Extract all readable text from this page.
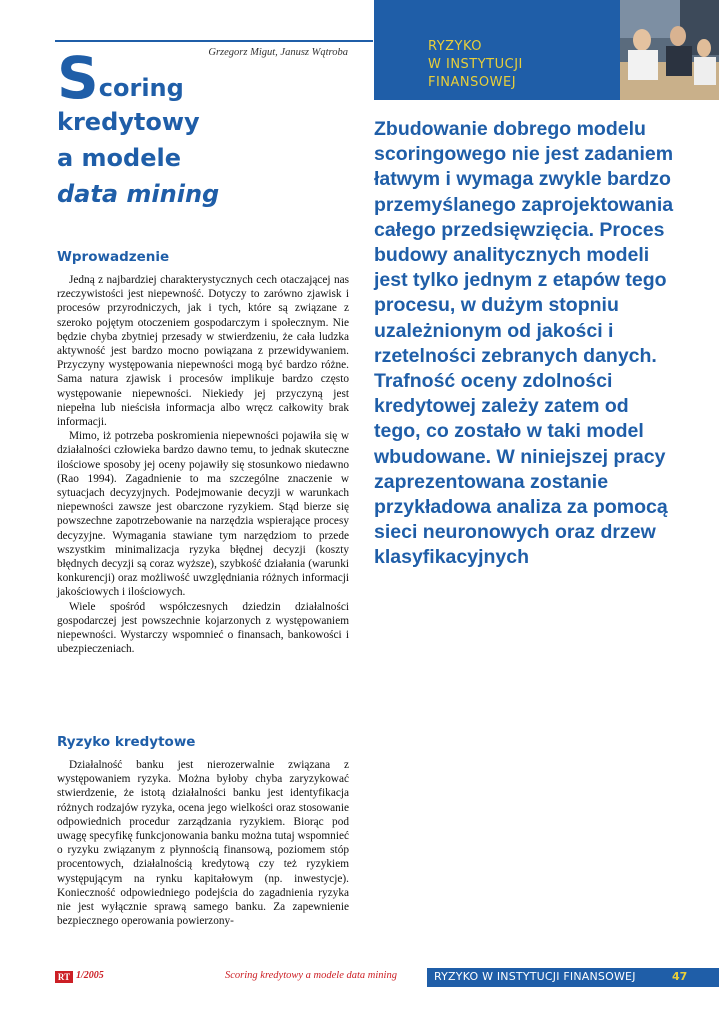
Grzegorz Migut, Janusz Wątroba
S coring
kredytowy
a modele
data mining
RYZYKO
W INSTYTUCJI
FINANSOWEJ
Zbudowanie dobrego modelu scoringowego nie jest zadaniem łatwym i wymaga zwykle bardzo przemyślanego zaprojektowania całego przedsięwzięcia. Proces budowy analitycznych modeli jest tylko jednym z etapów tego procesu, w dużym stopniu uzależnionym od jakości i rzetelności zebranych danych. Trafność oceny zdolności kredytowej zależy zatem od tego, co zostało w taki model wbudowane. W niniejszej pracy zaprezentowana zostanie przykładowa analiza za pomocą sieci neuronowych oraz drzew klasyfikacyjnych
Wprowadzenie

Jedną z najbardziej charakterystycznych cech otaczającej nas rzeczywistości jest niepewność. Dotyczy to zarówno zjawisk i procesów przyrodniczych, jak i tych, które są związane z szeroko pojętym otoczeniem gospodarczym i społecznym. Nie będzie chyba zbytniej przesady w stwierdzeniu, że cała ludzka aktywność jest bardzo mocno powiązana z przewidywaniem. Przyczyny występowania niepewności mogą być bardzo różne. Sama natura zjawisk i procesów implikuje bardzo często występowanie niepewności. Niekiedy jej przyczyną jest niepełna lub nieścisła informacja albo wręcz całkowity brak informacji.

Mimo, iż potrzeba poskromienia niepewności pojawiła się w działalności człowieka bardzo dawno temu, to jednak skuteczne ilościowe sposoby jej oceny pojawiły się stosunkowo niedawno (Rao 1994). Zagadnienie to ma szczególne znaczenie w sytuacjach decyzyjnych. Podejmowanie decyzji w warunkach niepewności zawsze jest obarczone ryzykiem. Stąd bierze się powszechne zapotrzebowanie na narzędzia wspierające procesy decyzyjne. Wymagania stawiane tym narzędziom to przede wszystkim minimalizacja ryzyka błędnej decyzji (koszty błędnych decyzji są coraz wyższe), szybkość działania (warunki konkurencji) oraz możliwość uwzględniania różnych informacji jakościowych i ilościowych.

Wiele spośród współczesnych dziedzin działalności gospodarczej jest powszechnie kojarzonych z występowaniem niepewności. Wystarczy wspomnieć o finansach, bankowości i ubezpieczeniach.

Ryzyko kredytowe

Działalność banku jest nierozerwalnie związana z występowaniem ryzyka. Można byłoby chyba zaryzykować stwierdzenie, że istotą działalności banku jest identyfikacja różnych rodzajów ryzyka, ocena jego wielkości oraz stosowanie odpowiednich procedur zarządzania ryzykiem. Biorąc pod uwagę specyfikę funkcjonowania banku można tutaj wspomnieć o ryzyku związanym z płynnością finansową, poziomem stóp procentowych, działalnością kredytową czy też ryzykiem występującym na rynku kapitałowym (np. inwestycje). Konieczność odpowiedniego podejścia do zagadnienia ryzyka nie jest wyłącznie sprawą samego banku. Za zapewnienie bezpiecznego operowania powierzony-

RT 1/2005	Scoring kredytowy a modele data mining	RYZYKO W INSTYTUCJI FINANSOWEJ	47
